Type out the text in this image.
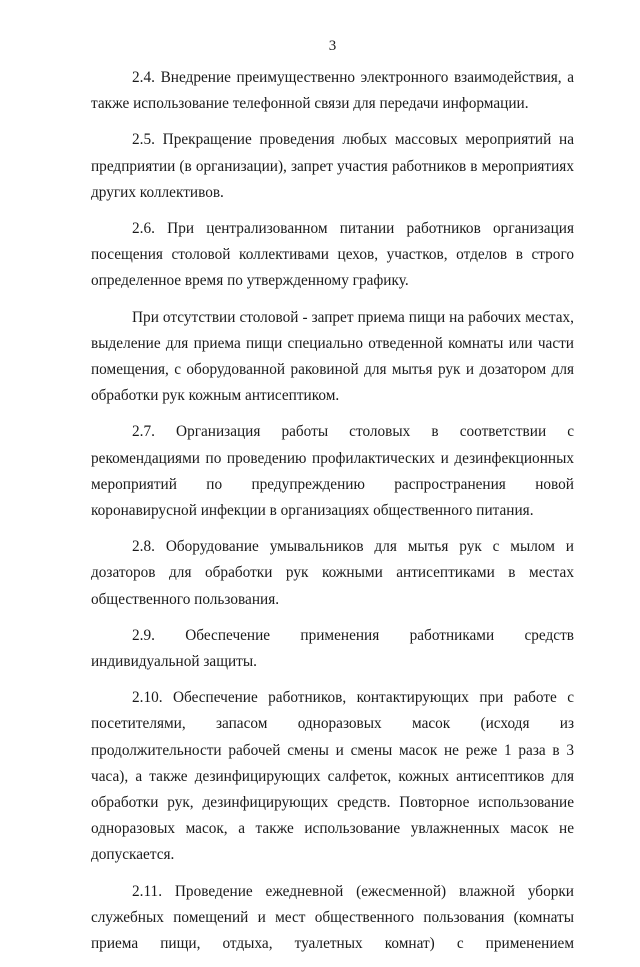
3

2.4. Внедрение преимущественно электронного взаимодействия, а также использование телефонной связи для передачи информации.

2.5. Прекращение проведения любых массовых мероприятий на предприятии (в организации), запрет участия работников в мероприятиях других коллективов.

2.6. При централизованном питании работников организация посещения столовой коллективами цехов, участков, отделов в строго определенное время по утвержденному графику.

При отсутствии столовой - запрет приема пищи на рабочих местах, выделение для приема пищи специально отведенной комнаты или части помещения, с оборудованной раковиной для мытья рук и дозатором для обработки рук кожным антисептиком.

2.7. Организация работы столовых в соответствии с рекомендациями по проведению профилактических и дезинфекционных мероприятий по предупреждению распространения новой коронавирусной инфекции в организациях общественного питания.

2.8. Оборудование умывальников для мытья рук с мылом и дозаторов для обработки рук кожными антисептиками в местах общественного пользования.

2.9. Обеспечение применения работниками средств индивидуальной защиты.

2.10. Обеспечение работников, контактирующих при работе с посетителями, запасом одноразовых масок (исходя из продолжительности рабочей смены и смены масок не реже 1 раза в 3 часа), а также дезинфицирующих салфеток, кожных антисептиков для обработки рук, дезинфицирующих средств. Повторное использование одноразовых масок, а также использование увлажненных масок не допускается.

2.11. Проведение ежедневной (ежесменной) влажной уборки служебных помещений и мест общественного пользования (комнаты приема пищи, отдыха, туалетных комнат) с применением
